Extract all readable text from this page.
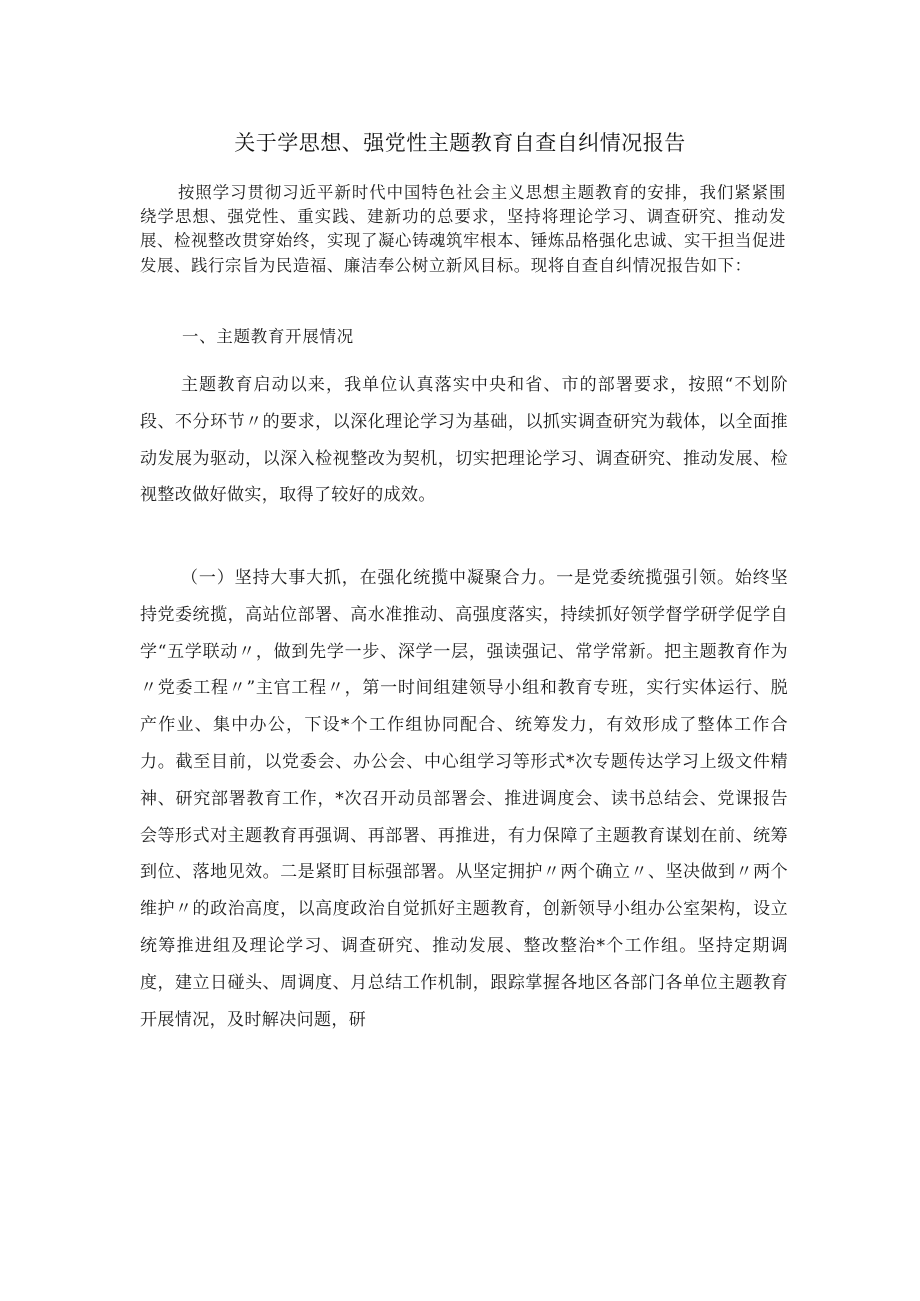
关于学思想、强党性主题教育自查自纠情况报告

按照学习贯彻习近平新时代中国特色社会主义思想主题教育的安排，我们紧紧围绕学思想、强党性、重实践、建新功的总要求，坚持将理论学习、调查研究、推动发展、检视整改贯穿始终，实现了凝心铸魂筑牢根本、锤炼品格强化忠诚、实干担当促进发展、践行宗旨为民造福、廉洁奉公树立新风目标。现将自查自纠情况报告如下：

一、主题教育开展情况

主题教育启动以来，我单位认真落实中央和省、市的部署要求，按照“不划阶段、不分环节〃的要求，以深化理论学习为基础，以抓实调查研究为载体，以全面推动发展为驱动，以深入检视整改为契机，切实把理论学习、调查研究、推动发展、检视整改做好做实，取得了较好的成效。

（一）坚持大事大抓，在强化统揽中凝聚合力。一是党委统揽强引领。始终坚持党委统揽，高站位部署、高水准推动、高强度落实，持续抓好领学督学研学促学自学“五学联动〃，做到先学一步、深学一层，强读强记、常学常新。把主题教育作为〃党委工程〃”主官工程〃，第一时间组建领导小组和教育专班，实行实体运行、脱产作业、集中办公，下设*个工作组协同配合、统筹发力，有效形成了整体工作合力。截至目前，以党委会、办公会、中心组学习等形式*次专题传达学习上级文件精神、研究部署教育工作，*次召开动员部署会、推进调度会、读书总结会、党课报告会等形式对主题教育再强调、再部署、再推进，有力保障了主题教育谋划在前、统筹到位、落地见效。二是紧盯目标强部署。从坚定拥护〃两个确立〃、坚决做到〃两个维护〃的政治高度，以高度政治自觉抓好主题教育，创新领导小组办公室架构，设立统筹推进组及理论学习、调查研究、推动发展、整改整治*个工作组。坚持定期调度，建立日碰头、周调度、月总结工作机制，跟踪掌握各地区各部门各单位主题教育开展情况，及时解决问题，研
